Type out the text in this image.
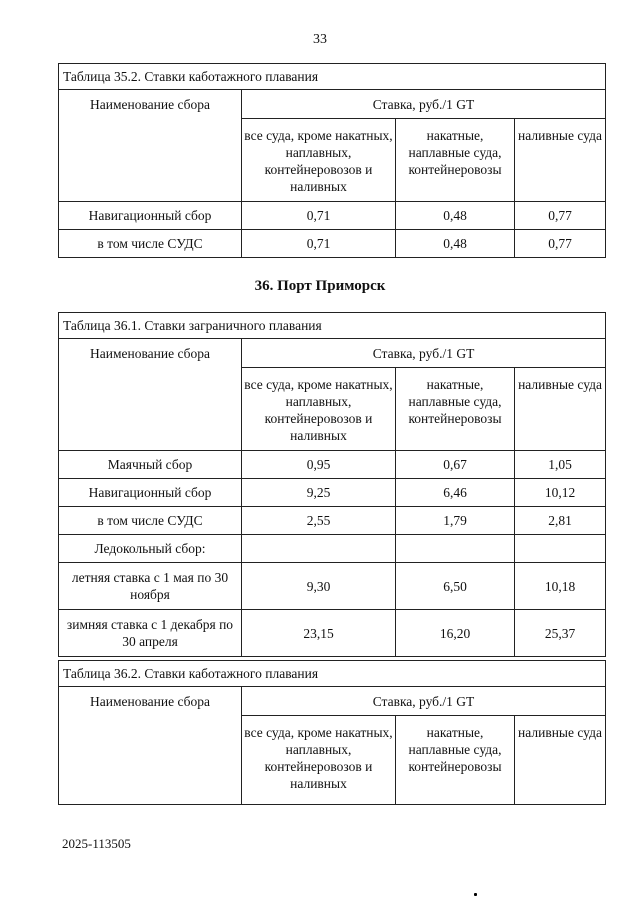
33
Таблица 35.2. Ставки каботажного плавания			
Наименование сбора	Ставка, руб./1 GT		
	все суда, кроме накатных, наплавных, контейнеровозов и наливных	накатные, наплавные суда, контейнеровозы	наливные суда
Навигационный сбор	0,71	0,48	0,77
в том числе СУДС	0,71	0,48	0,77
36. Порт Приморск
Таблица 36.1. Ставки заграничного плавания			
Наименование сбора	Ставка, руб./1 GT		
	все суда, кроме накатных, наплавных, контейнеровозов и наливных	накатные, наплавные суда, контейнеровозы	наливные суда
Маячный сбор	0,95	0,67	1,05
Навигационный сбор	9,25	6,46	10,12
в том числе СУДС	2,55	1,79	2,81
Ледокольный сбор:			
летняя ставка с 1 мая по 30 ноября	9,30	6,50	10,18
зимняя ставка с 1 декабря по 30 апреля	23,15	16,20	25,37
Таблица 36.2. Ставки каботажного плавания			
Наименование сбора	Ставка, руб./1 GT		
	все суда, кроме накатных, наплавных, контейнеровозов и наливных	накатные, наплавные суда, контейнеровозы	наливные суда
2025-113505
